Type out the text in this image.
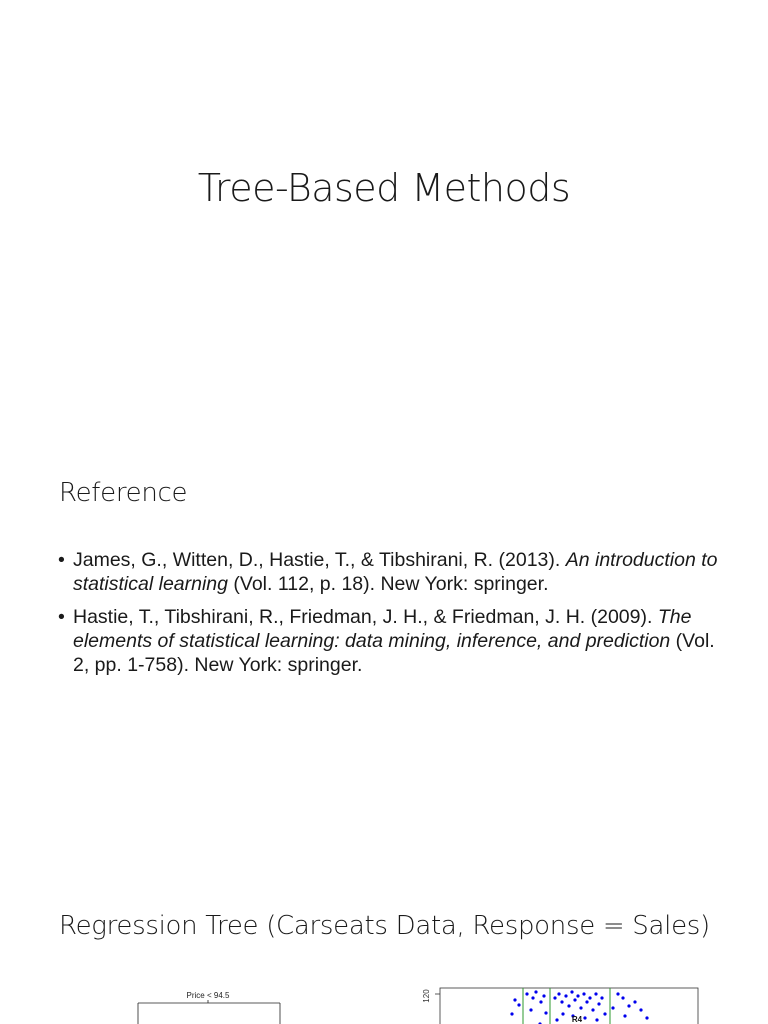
Tree-Based Methods
Reference
• James, G., Witten, D., Hastie, T., & Tibshirani, R. (2013). An introduction to statistical learning (Vol. 112, p. 18). New York: springer.
• Hastie, T., Tibshirani, R., Friedman, J. H., & Friedman, J. H. (2009). The elements of statistical learning: data mining, inference, and prediction (Vol. 2, pp. 1-758). New York: springer.
Regression Tree (Carseats Data, Response = Sales)
Price < 94.5	120
R4
